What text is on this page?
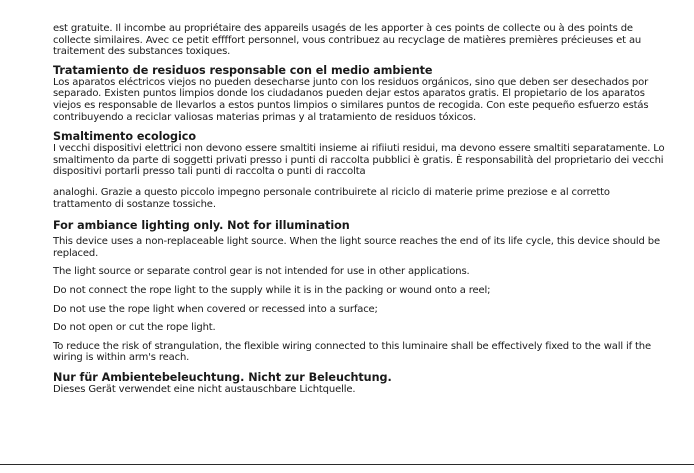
est gratuite. Il incombe au propriétaire des appareils usagés de les apporter à ces points de collecte ou à des points de collecte similaires. Avec ce petit effffort personnel, vous contribuez au recyclage de matières premières précieuses et au traitement des substances toxiques.

Tratamiento de residuos responsable con el medio ambiente

Los aparatos eléctricos viejos no pueden desecharse junto con los residuos orgánicos, sino que deben ser desechados por separado. Existen puntos limpios donde los ciudadanos pueden dejar estos aparatos gratis. El propietario de los aparatos viejos es responsable de llevarlos a estos puntos limpios o similares puntos de recogida. Con este pequeño esfuerzo estás contribuyendo a reciclar valiosas materias primas y al tratamiento de residuos tóxicos.

Smaltimento ecologico

I vecchi dispositivi elettrici non devono essere smaltiti insieme ai rifiiuti residui, ma devono essere smaltiti separatamente. Lo smaltimento da parte di soggetti privati presso i punti di raccolta pubblici è gratis. È responsabilità del proprietario dei vecchi dispositivi portarli presso tali punti di raccolta o punti di raccolta

analoghi. Grazie a questo piccolo impegno personale contribuirete al riciclo di materie prime preziose e al corretto trattamento di sostanze tossiche.

For ambiance lighting only. Not for illumination

This device uses a non-replaceable light source. When the light source reaches the end of its life cycle, this device should be replaced.

The light source or separate control gear is not intended for use in other applications.

Do not connect the rope light to the supply while it is in the packing or wound onto a reel;

Do not use the rope light when covered or recessed into a surface;

Do not open or cut the rope light.

To reduce the risk of strangulation, the flexible wiring connected to this luminaire shall be effectively fixed to the wall if the wiring is within arm's reach.

Nur für Ambientebeleuchtung. Nicht zur Beleuchtung.

Dieses Gerät verwendet eine nicht austauschbare Lichtquelle.
